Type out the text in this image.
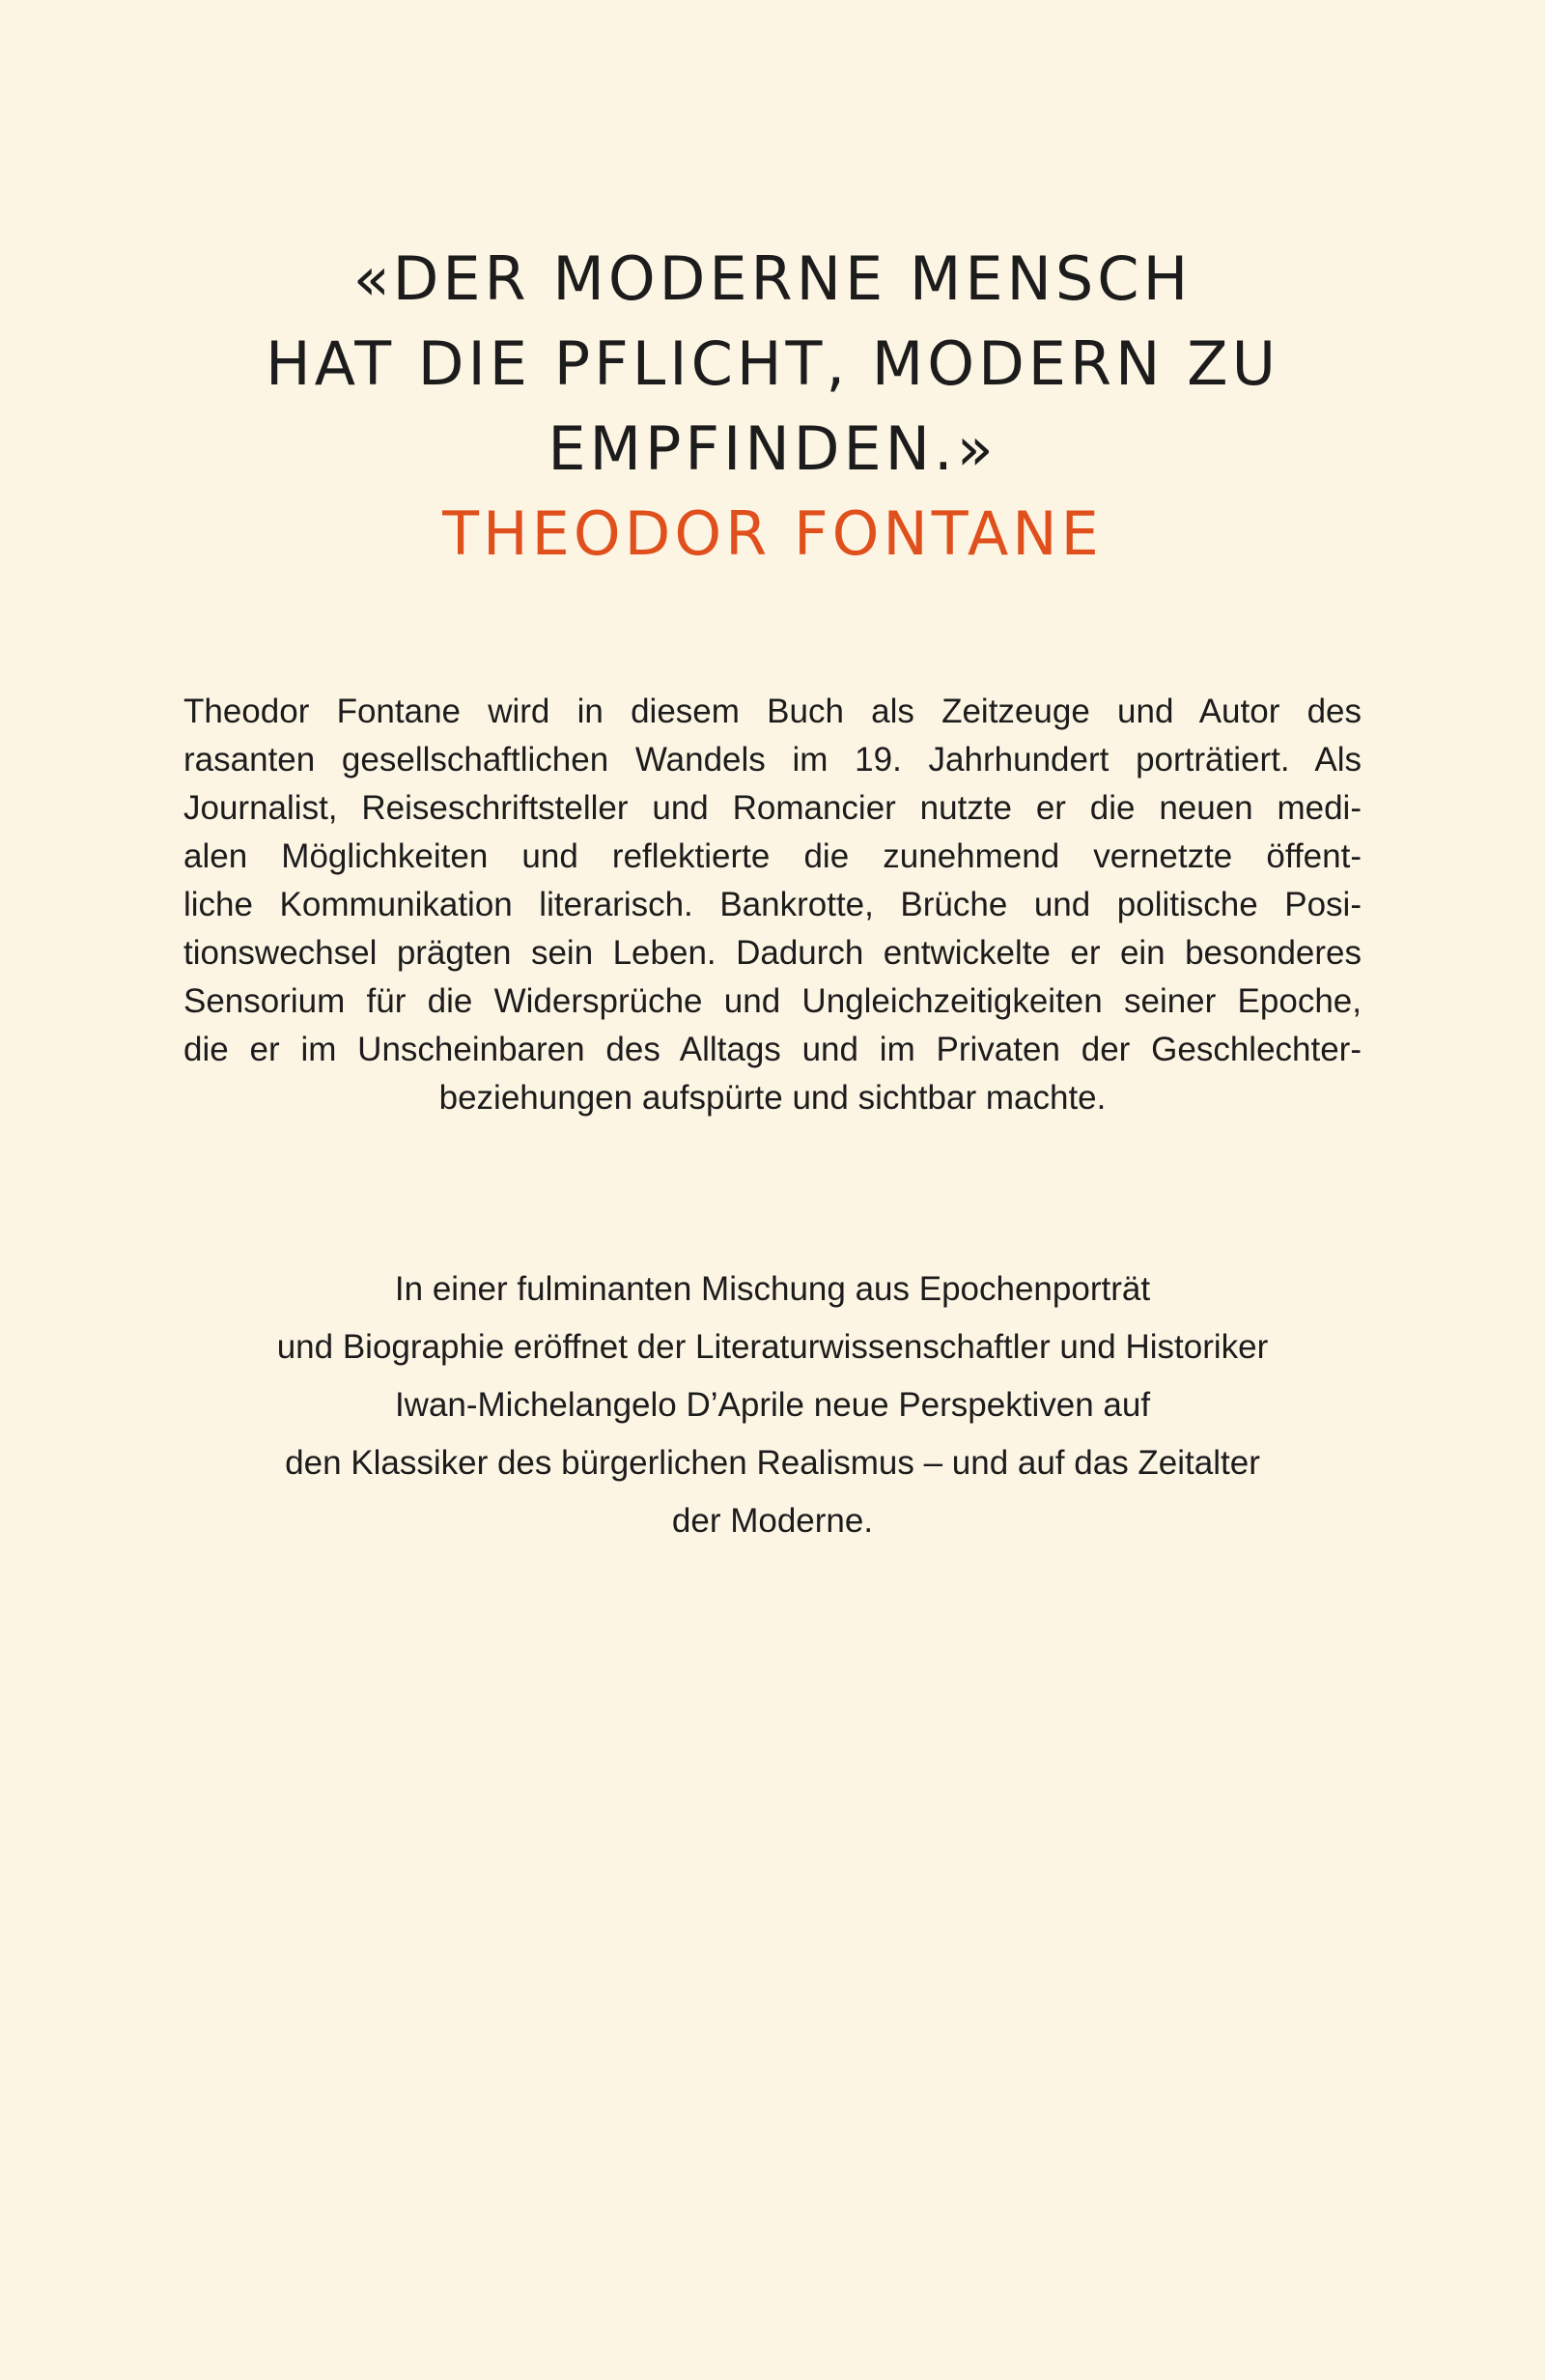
«DER MODERNE MENSCH
HAT DIE PFLICHT, MODERN ZU
EMPFINDEN.»
THEODOR FONTANE
Theodor Fontane wird in diesem Buch als Zeitzeuge und Autor des
rasanten gesellschaftlichen Wandels im 19. Jahrhundert porträtiert. Als
Journalist, Reiseschriftsteller und Romancier nutzte er die neuen medi-
alen Möglichkeiten und reflektierte die zunehmend vernetzte öffent-
liche Kommunikation literarisch. Bankrotte, Brüche und politische Posi-
tionswechsel prägten sein Leben. Dadurch entwickelte er ein besonderes
Sensorium für die Widersprüche und Ungleichzeitigkeiten seiner Epoche,
die er im Unscheinbaren des Alltags und im Privaten der Geschlechter-
beziehungen aufspürte und sichtbar machte.
In einer fulminanten Mischung aus Epochenporträt
und Biographie eröffnet der Literaturwissenschaftler und Historiker
Iwan-Michelangelo D’Aprile neue Perspektiven auf
den Klassiker des bürgerlichen Realismus – und auf das Zeitalter
der Moderne.
